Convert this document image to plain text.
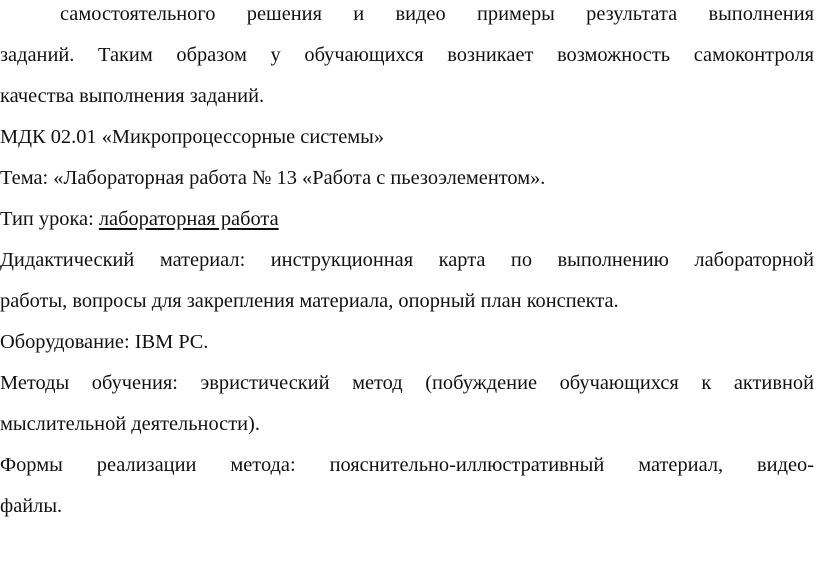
самостоятельного решения и видео примеры результата выполнения
заданий. Таким образом у обучающихся возникает возможность самоконтроля
качества выполнения заданий.
МДК 02.01 «Микропроцессорные системы»
Тема: «Лабораторная работа № 13 «Работа с пьезоэлементом».
Тип урока: лабораторная работа
Дидактический материал: инструкционная карта по выполнению лабораторной
работы, вопросы для закрепления материала, опорный план конспекта.
Оборудование: IBM PC.
Методы обучения: эвристический метод (побуждение обучающихся к активной
мыслительной деятельности).
Формы реализации метода: пояснительно-иллюстративный материал, видео-
файлы.
